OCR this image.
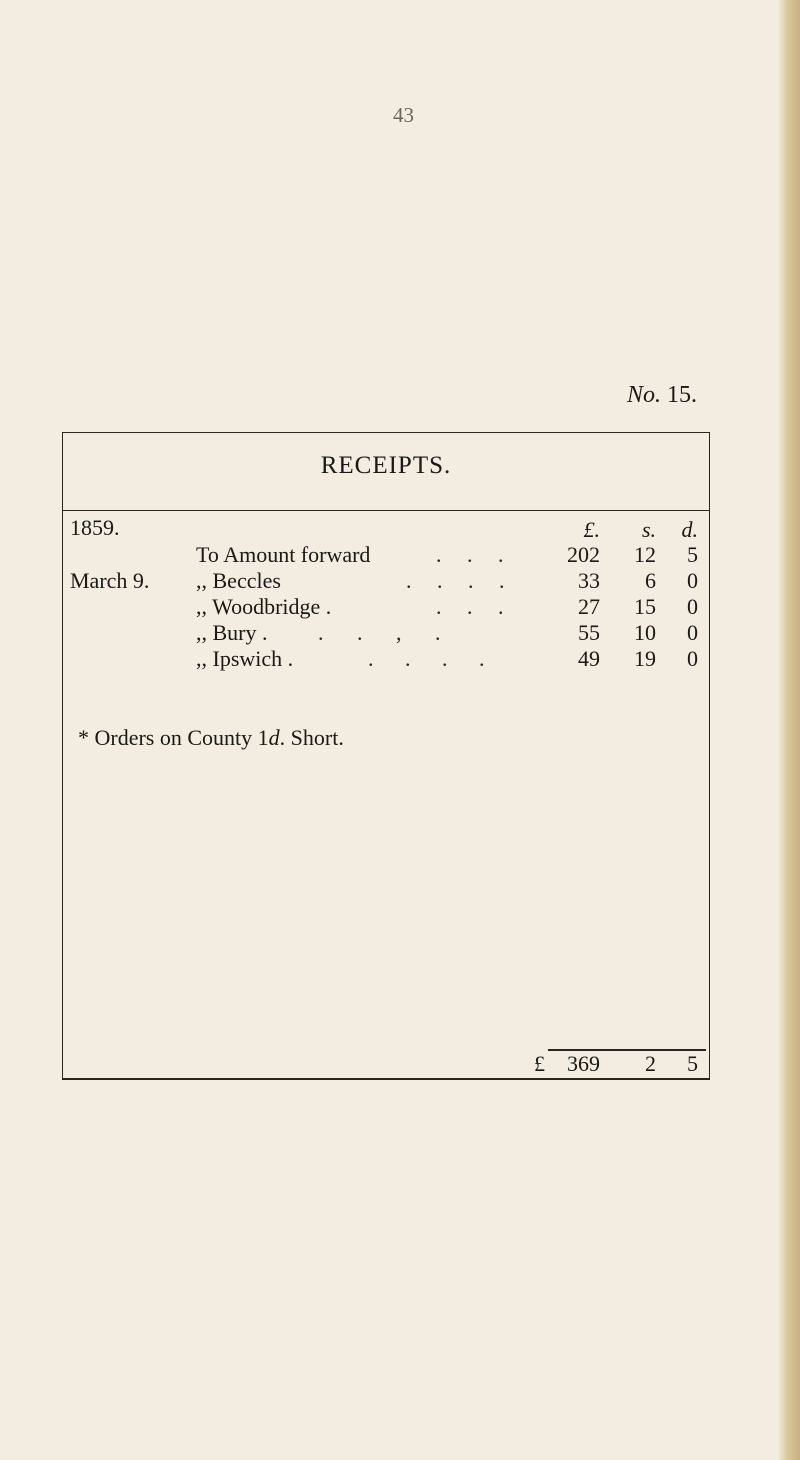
43
No. 15.
RECEIPTS.
1859.	£.	s.	d.
To Amount forward	. . .	202	12	5
March 9. ,, Beccles	. . . .	33	6	0
,, Woodbridge .	. . .	27	15	0
,, Bury . . . , .	55	10	0
,, Ipswich .	. . . .	49	19	0
* Orders on County 1d. Short.
£	369	2	5
